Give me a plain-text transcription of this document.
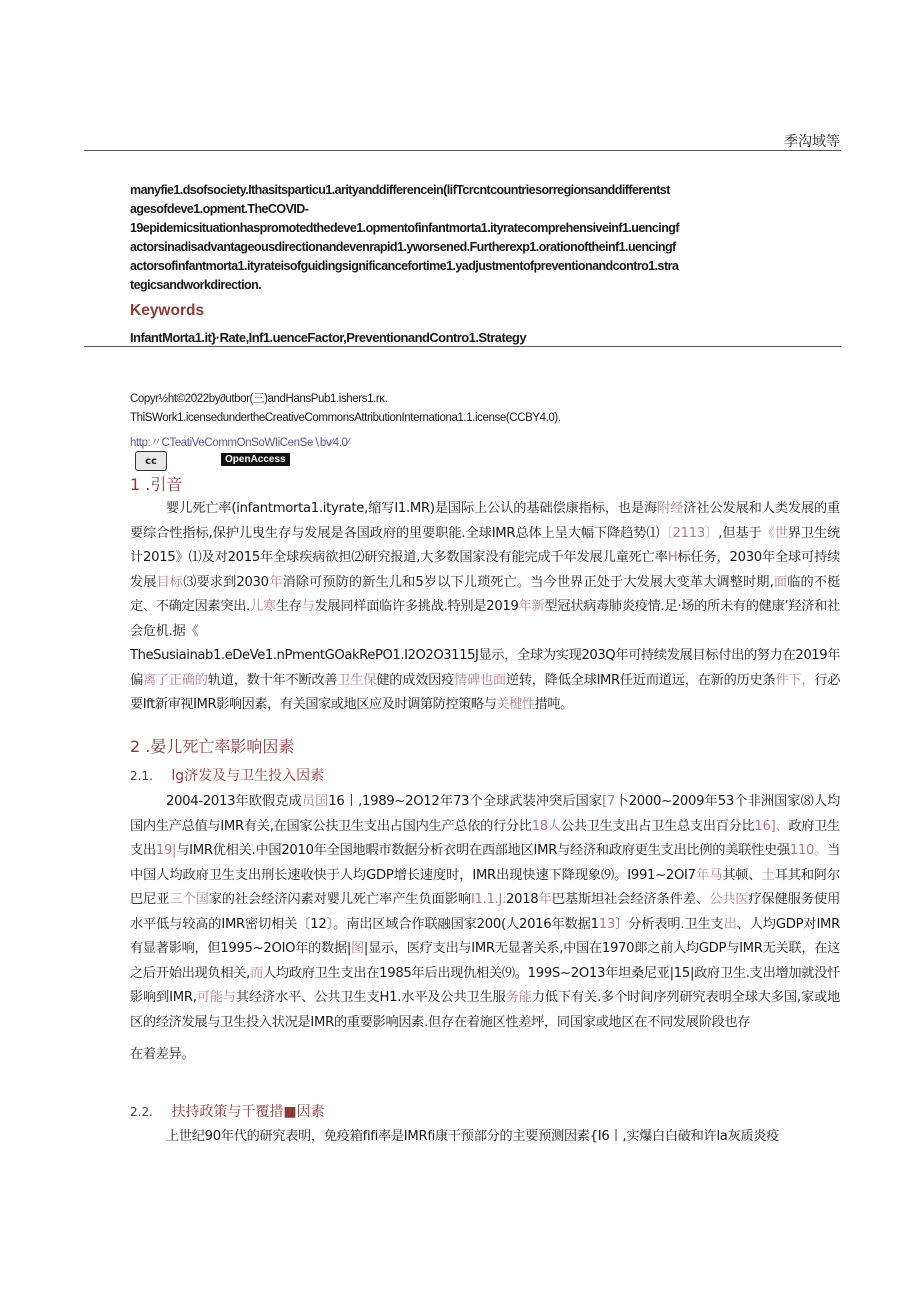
季沟域等
manyfie1.dsofsociety.Ithasitsparticu1.arityanddifferencein(lifTcrcntcountriesorregionsanddifferentst
agesofdeve1.opment.TheCOVID-
19epidemicsituationhaspromotedthedeve1.opmentofinfantmorta1.ityratecomprehensiveinf1.uencingf
actorsinadisadvantageousdirectionandevenrapid1.yworsened.Furtherexp1.orationoftheinf1.uencingf
actorsofinfantmorta1.ityrateisofguidingsignificancefortime1.yadjustmentofpreventionandcontro1.stra
tegicsandworkdirection.
Keywords
InfantMorta1.it}·Rate,Inf1.uenceFactor,PreventionandContro1.Strategy
Copyr½ht©2022by∂utbor(三)andHansPub1.ishers1.rκ.
ThiSWork1.icensedundertheCreativeCommonsAttributionInternationa1.1.icense(CCBY4.0).
http:〃CTeatiVeCommOnSoWIiCenSe∖bv∕4.0∕
cc	OpenAccess
1 .引音

婴儿死亡率(infantmorta1.ityrate,缩写I1.MR)是国际上公认的基础偿康指标，也是海附经济社公发展和人类发展的重要综合性指标,保护儿曳生存与发展是各国政府的里要职能.全球IMR总体上呈大幅下降趋势⑴〔2113〕,但基于《世界卫生统计2015》⑴及对2015年全球疾病欲担⑵研究报道,大多数国家没有能完成千年发展儿童死亡率H标任务，2030年全球可持续发展目标⑶要求到2030年消除可预防的新生儿和5岁以下儿琐死亡。当今世界正处于大发展大变革大调整时期,面临的不梃定、不确定因素突出.儿寒生存与发展同样面临许多挑战.特别是2019年新型冠状病毒肺炎疫情.足·场的所未有的健康’羟济和社会危机.据《

TheSusiainab1.eDeVe1.nPmentGOakRePO1.I2O2O3115J显示，全球为实现203Q年可持续发展目标付出的努力在2019年偏离了正确的轨道，数十年不断改善卫生保健的成效因疫情碑也面逆转，降低全球IMR任近而道远，在新的历史条件下，行必要Ift新审视IMR影响因素，有关国家或地区应及时调第防控策略与关楗性措吨。

2 .晏儿死亡率影响因素
2.1. lg济发及与卫生投入因素

2004-2013年欧假克成员国16丨,1989~2O12年73个全球武装冲突后国家[7卜2000~2009年53个非洲国家⑻人均国内生产总值与IMR有关,在国家公扶卫生支出占国内生产总依的行分比18人公共卫生支出占卫生总支出百分比16]、政府卫生支出19|与IMR优相关.中国2010年全国地暇市数据分析衣明在西部地区IMR与经济和政府更生支出比例的美联性史强110。当中国人均政府卫生支出刑长速收快于人均GDP增长速度时，IMR出现快速下降现象⑼。I991~2OI7年马其顿、土耳其和阿尔巴尼亚三个国家的社会经济闪素对婴儿死亡率产生负面影响I1.1.J.2018年巴基斯坦社会经济条件差、公共医疗保健服务使用水平低与较高的IMR密切相关〔12〕。南岀区域合作联融国家200(人2016年数据113〕分析表明.卫生支出、人均GDP对IMR有显著影响，但1995~2OIO年的数据|图|显示，医疗支出与IMR无显著关系,中国在1970郞之前人均GDP与IMR无关联，在这之后开始出现负相关,而人均政府卫生支出在1985年后出现仇相关⑼。199S~2O13年坦桑尼亚|15|政府卫生.支出增加就没忏影响到IMR,可能与其经济水平、公共卫生支H1.水平及公共卫生服务能力低下有关.多个时间序列研究表明全球大多国,家或地区的经济发展与卫生投入状况是IMR的重要影响因素.但存在着施区性差坪，同国家或地区在不同发展阶段也存

在着差异。

2.2. 扶持政策与干覆措■因素

上世纪90年代的研究表明，免疫箱fifi率是IMRfi康干预部分的主要预测因素{I6丨,实爆白白破和许la灰质炎疫
